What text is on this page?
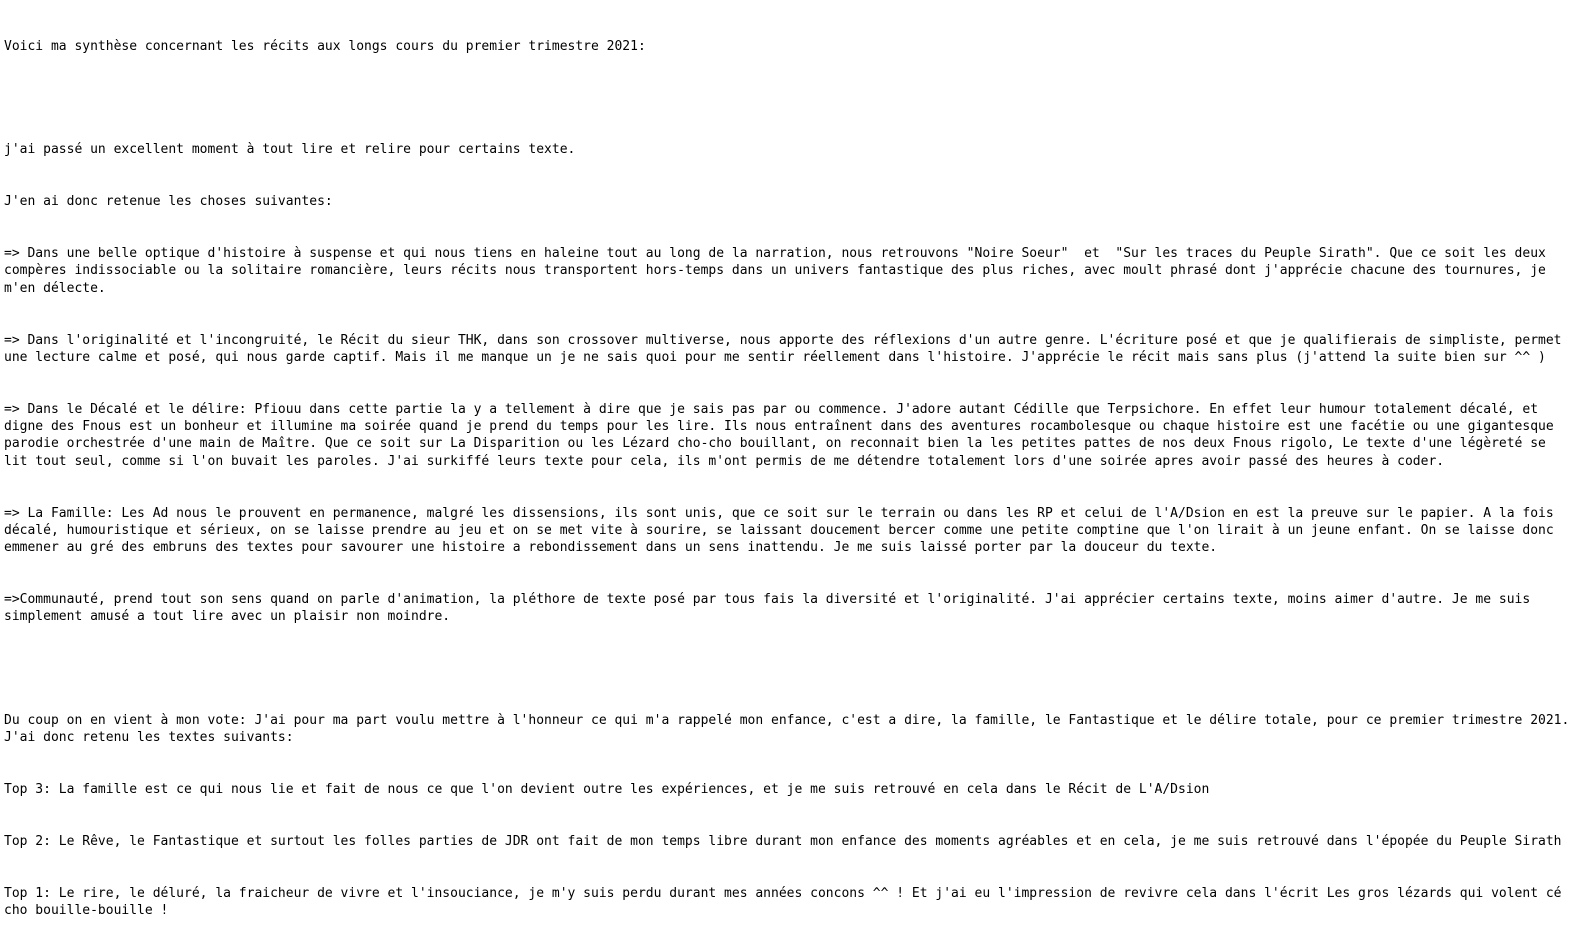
Voici ma synthèse concernant les récits aux longs cours du premier trimestre 2021:

j'ai passé un excellent moment à tout lire et relire pour certains texte.

J'en ai donc retenue les choses suivantes:

=> Dans une belle optique d'histoire à suspense et qui nous tiens en haleine tout au long de la narration, nous retrouvons "Noire Soeur"  et  "Sur les traces du Peuple Sirath". Que ce soit les deux compères indissociable ou la solitaire romancière, leurs récits nous transportent hors-temps dans un univers fantastique des plus riches, avec moult phrasé dont j'apprécie chacune des tournures, je m'en délecte.

=> Dans l'originalité et l'incongruité, le Récit du sieur THK, dans son crossover multiverse, nous apporte des réflexions d'un autre genre. L'écriture posé et que je qualifierais de simpliste, permet une lecture calme et posé, qui nous garde captif. Mais il me manque un je ne sais quoi pour me sentir réellement dans l'histoire. J'apprécie le récit mais sans plus (j'attend la suite bien sur ^^ )

=> Dans le Décalé et le délire: Pfiouu dans cette partie la y a tellement à dire que je sais pas par ou commence. J'adore autant Cédille que Terpsichore. En effet leur humour totalement décalé, et digne des Fnous est un bonheur et illumine ma soirée quand je prend du temps pour les lire. Ils nous entraînent dans des aventures rocambolesque ou chaque histoire est une facétie ou une gigantesque parodie orchestrée d'une main de Maître. Que ce soit sur La Disparition ou les Lézard cho-cho bouillant, on reconnait bien la les petites pattes de nos deux Fnous rigolo, Le texte d'une légèreté se lit tout seul, comme si l'on buvait les paroles. J'ai surkiffé leurs texte pour cela, ils m'ont permis de me détendre totalement lors d'une soirée apres avoir passé des heures à coder.

=> La Famille: Les Ad nous le prouvent en permanence, malgré les dissensions, ils sont unis, que ce soit sur le terrain ou dans les RP et celui de l'A/Dsion en est la preuve sur le papier. A la fois décalé, humouristique et sérieux, on se laisse prendre au jeu et on se met vite à sourire, se laissant doucement bercer comme une petite comptine que l'on lirait à un jeune enfant. On se laisse donc emmener au gré des embruns des textes pour savourer une histoire a rebondissement dans un sens inattendu. Je me suis laissé porter par la douceur du texte.

=>Communauté, prend tout son sens quand on parle d'animation, la pléthore de texte posé par tous fais la diversité et l'originalité. J'ai apprécier certains texte, moins aimer d'autre. Je me suis simplement amusé a tout lire avec un plaisir non moindre.

Du coup on en vient à mon vote: J'ai pour ma part voulu mettre à l'honneur ce qui m'a rappelé mon enfance, c'est a dire, la famille, le Fantastique et le délire totale, pour ce premier trimestre 2021. J'ai donc retenu les textes suivants:

Top 3: La famille est ce qui nous lie et fait de nous ce que l'on devient outre les expériences, et je me suis retrouvé en cela dans le Récit de L'A/Dsion

Top 2: Le Rêve, le Fantastique et surtout les folles parties de JDR ont fait de mon temps libre durant mon enfance des moments agréables et en cela, je me suis retrouvé dans l'épopée du Peuple Sirath

Top 1: Le rire, le déluré, la fraicheur de vivre et l'insouciance, je m'y suis perdu durant mes années concons ^^ ! Et j'ai eu l'impression de revivre cela dans l'écrit Les gros lézards qui volent cé cho bouille-bouille !
